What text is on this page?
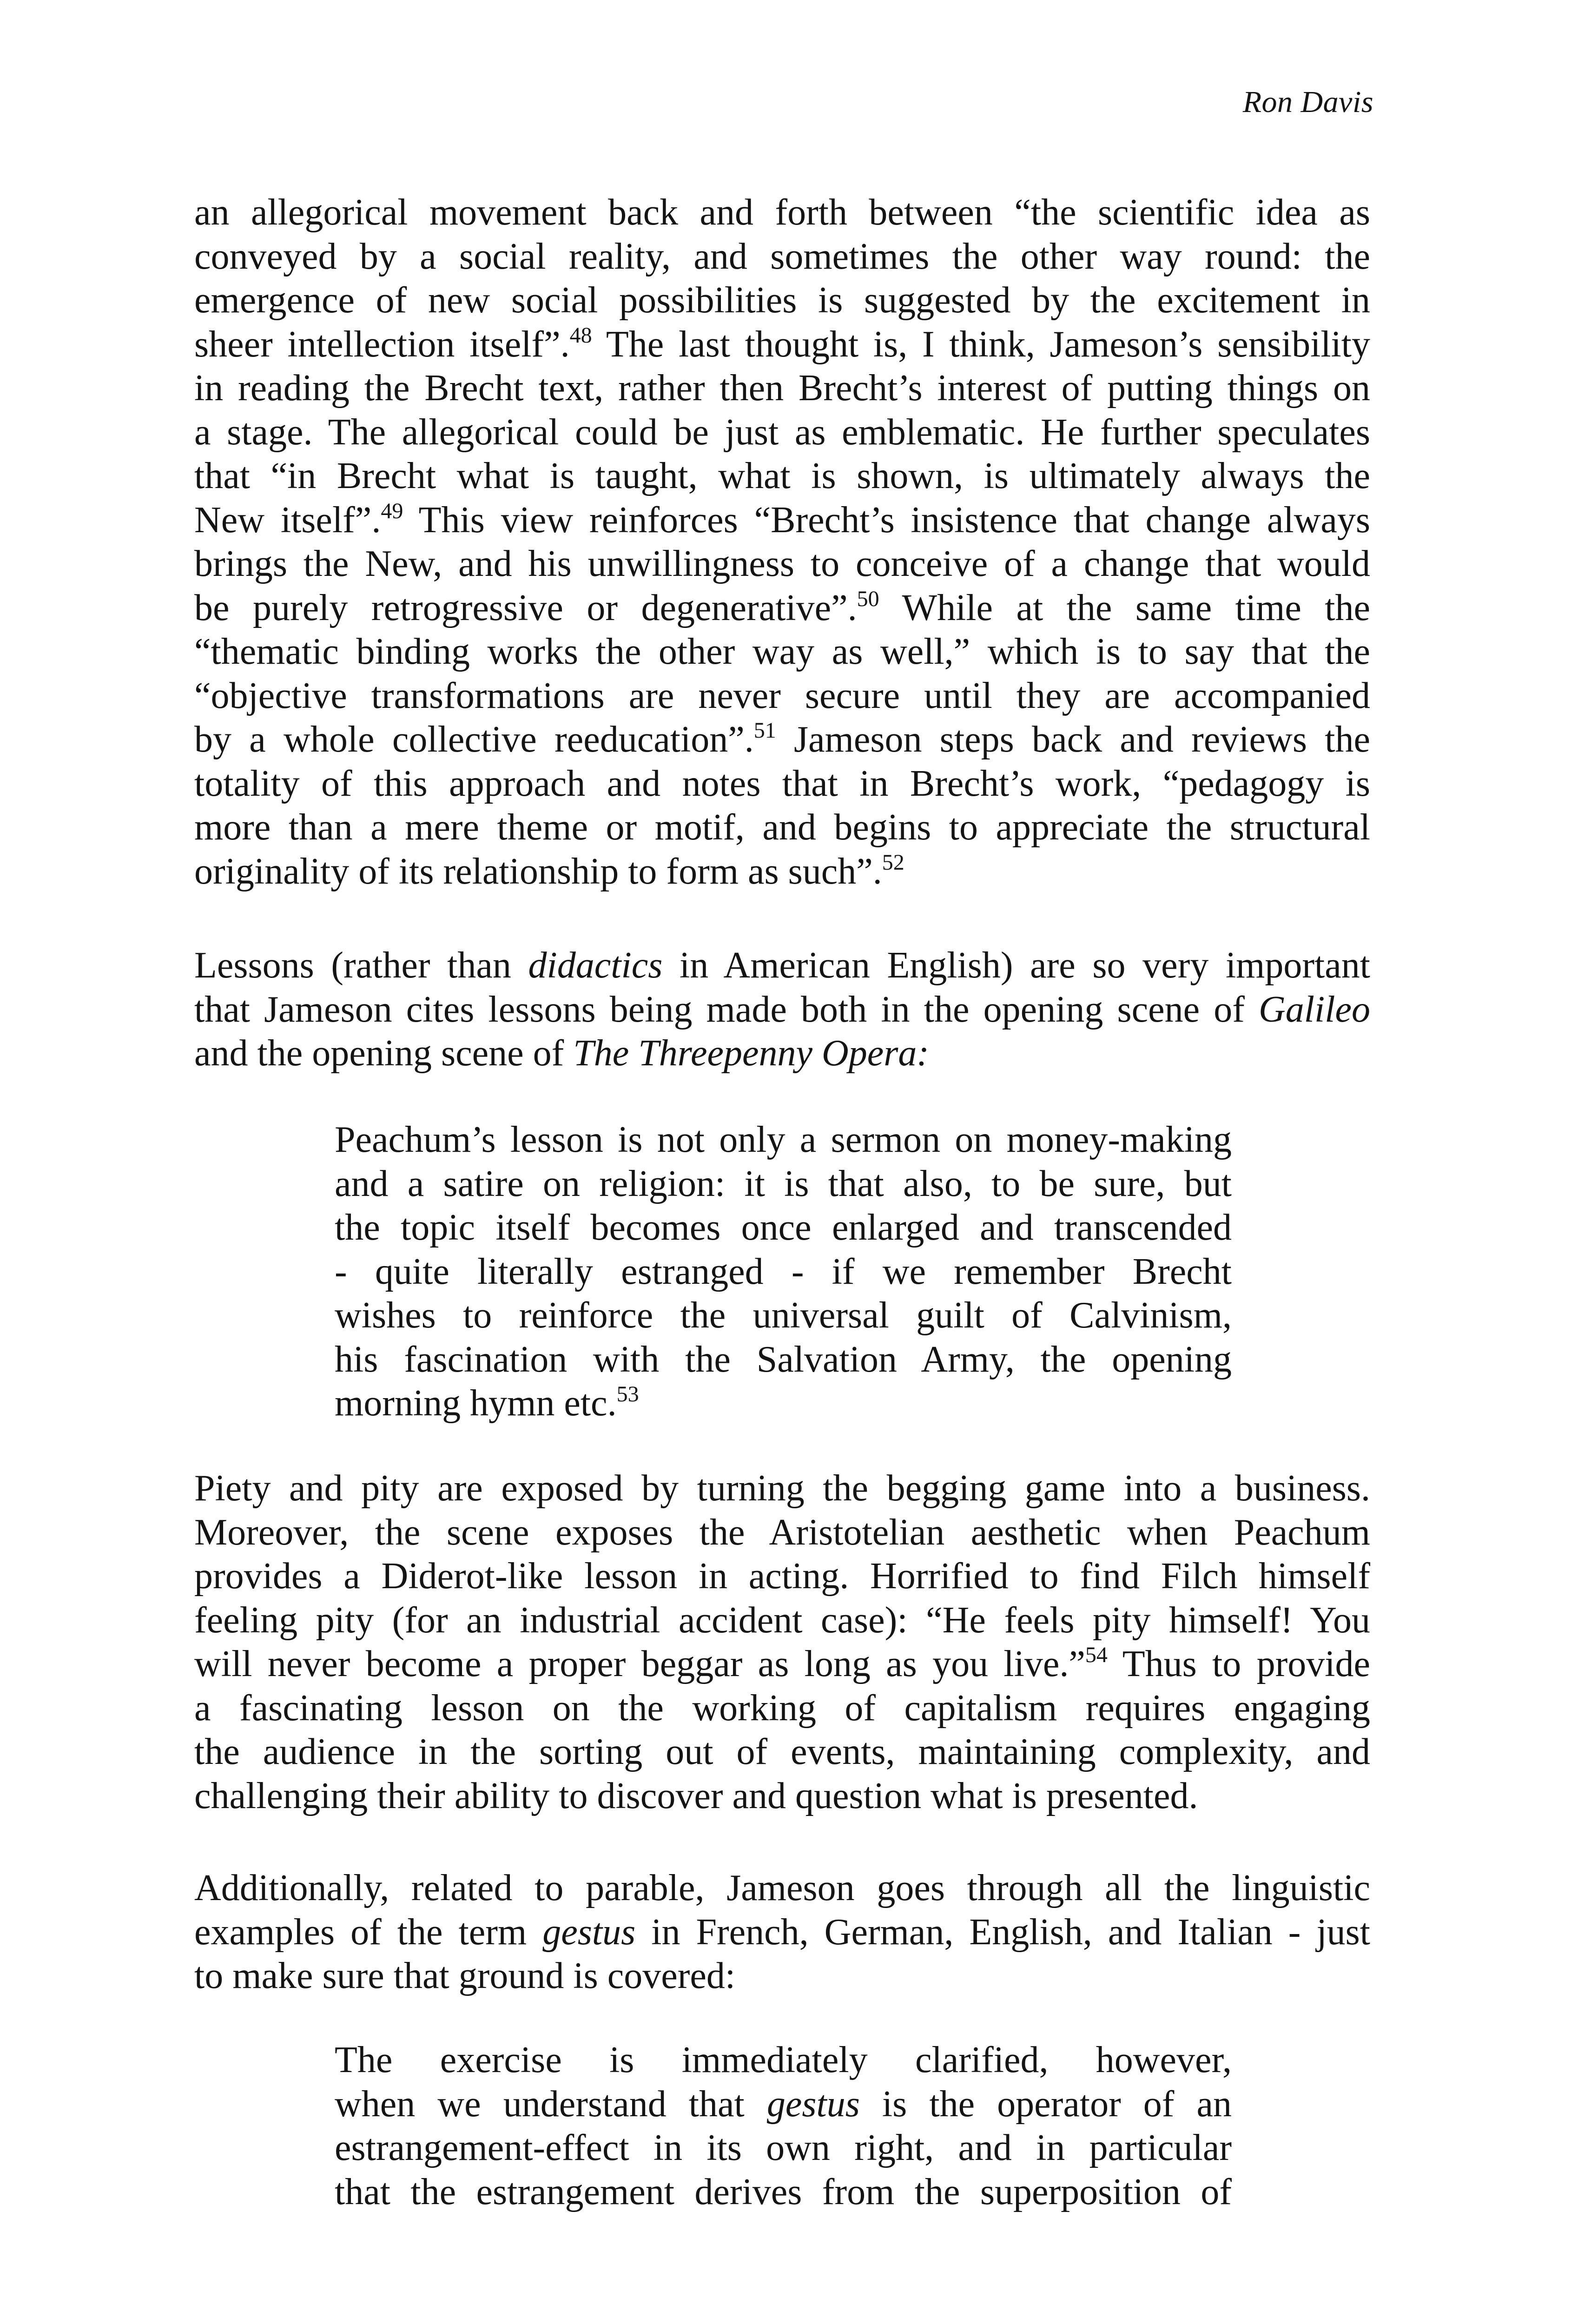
Ron Davis
an allegorical movement back and forth between “the scientific idea as
conveyed by a social reality, and sometimes the other way round: the
emergence of new social possibilities is suggested by the excitement in
sheer intellection itself”.$^{48}$ The last thought is, I think, Jameson’s sensibility
in reading the Brecht text, rather then Brecht’s interest of putting things on
a stage. The allegorical could be just as emblematic. He further speculates
that “in Brecht what is taught, what is shown, is ultimately always the
New itself”.$^{49}$ This view reinforces “Brecht’s insistence that change always
brings the New, and his unwillingness to conceive of a change that would
be purely retrogressive or degenerative”.$^{50}$ While at the same time the
“thematic binding works the other way as well,” which is to say that the
“objective transformations are never secure until they are accompanied
by a whole collective reeducation”.$^{51}$ Jameson steps back and reviews the
totality of this approach and notes that in Brecht’s work, “pedagogy is
more than a mere theme or motif, and begins to appreciate the structural
originality of its relationship to form as such”.$^{52}$
Lessons (rather than didactics in American English) are so very important
that Jameson cites lessons being made both in the opening scene of Galileo
and the opening scene of The Threepenny Opera:
Peachum’s lesson is not only a sermon on money-making
and a satire on religion: it is that also, to be sure, but
the topic itself becomes once enlarged and transcended
- quite literally estranged - if we remember Brecht
wishes to reinforce the universal guilt of Calvinism,
his fascination with the Salvation Army, the opening
morning hymn etc.$^{53}$
Piety and pity are exposed by turning the begging game into a business.
Moreover, the scene exposes the Aristotelian aesthetic when Peachum
provides a Diderot-like lesson in acting. Horrified to find Filch himself
feeling pity (for an industrial accident case): “He feels pity himself! You
will never become a proper beggar as long as you live.”$^{54}$ Thus to provide
a fascinating lesson on the working of capitalism requires engaging
the audience in the sorting out of events, maintaining complexity, and
challenging their ability to discover and question what is presented.
Additionally, related to parable, Jameson goes through all the linguistic
examples of the term gestus in French, German, English, and Italian - just
to make sure that ground is covered:
The exercise is immediately clarified, however,
when we understand that gestus is the operator of an
estrangement-effect in its own right, and in particular
that the estrangement derives from the superposition of
